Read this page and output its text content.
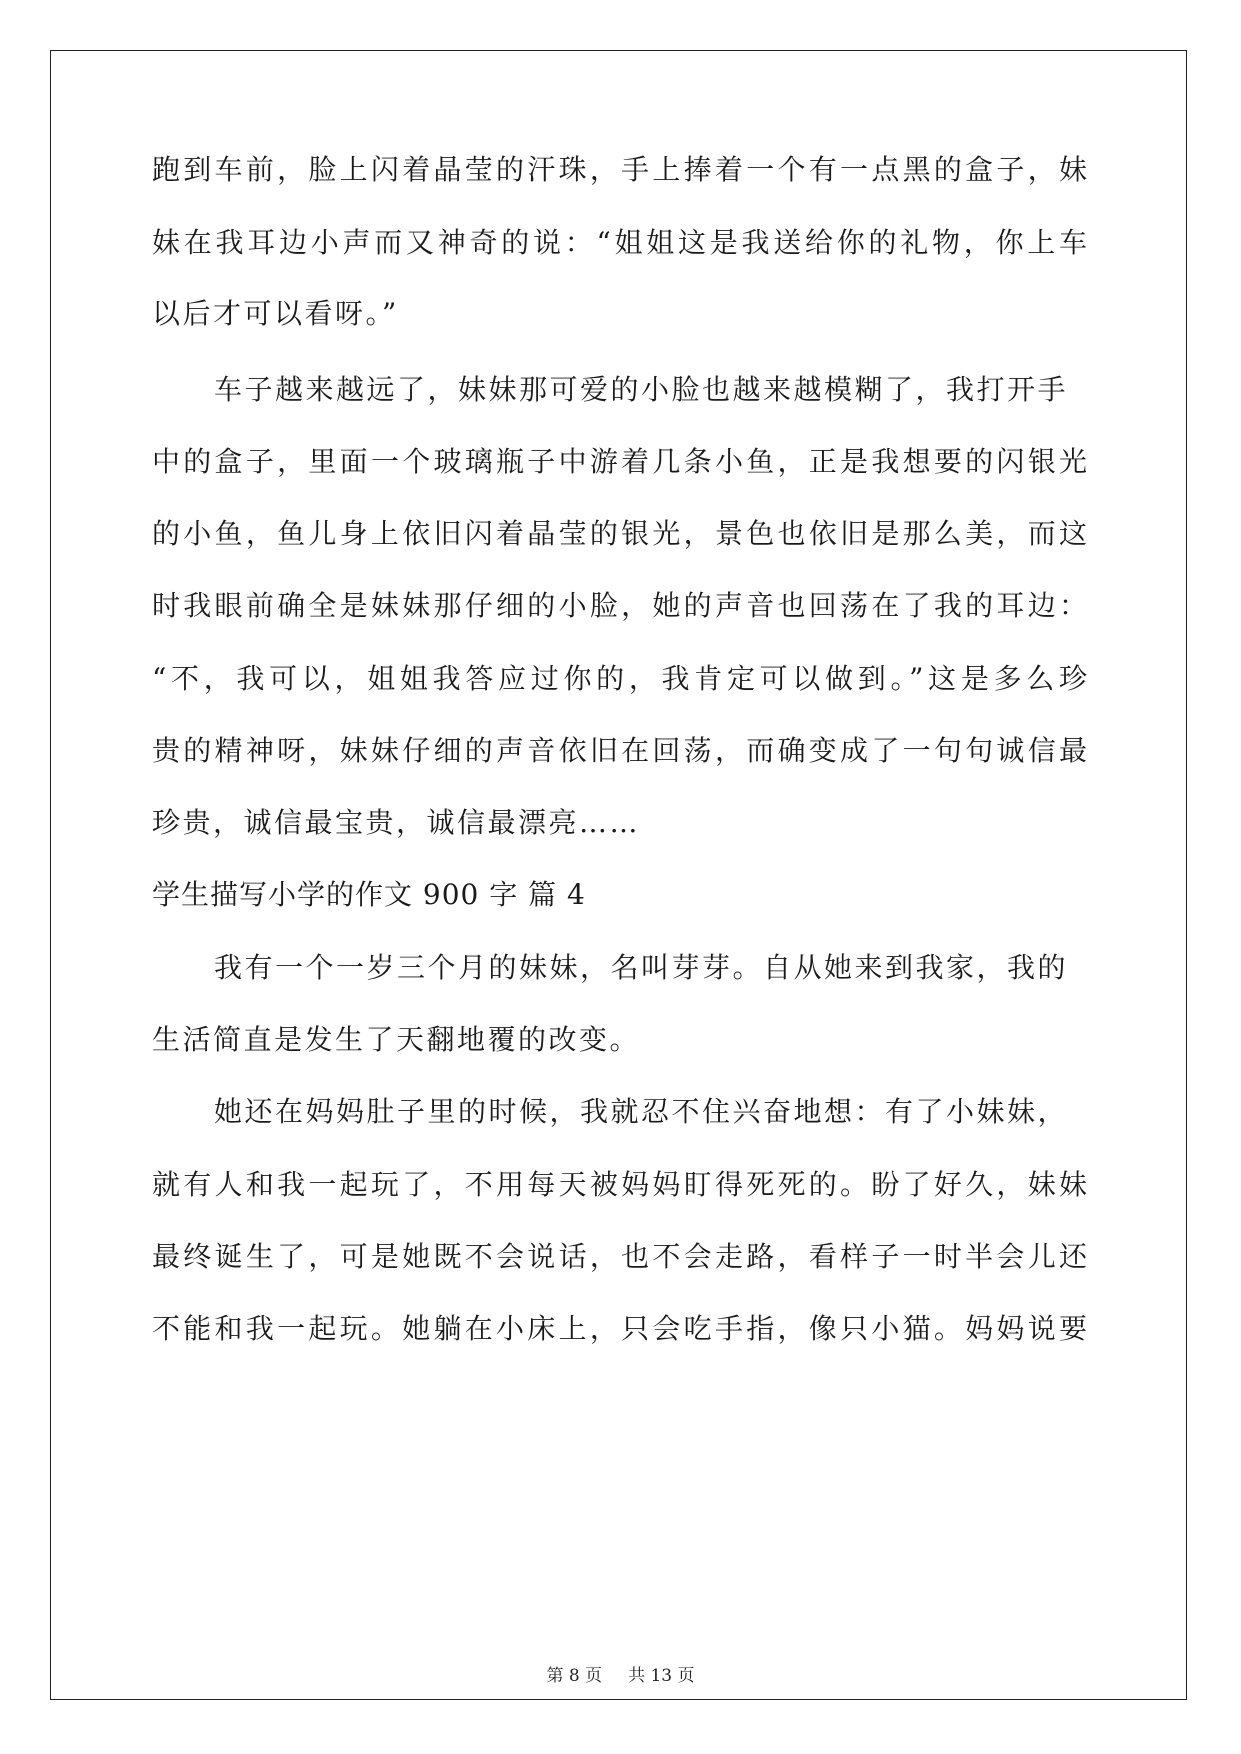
跑到车前，脸上闪着晶莹的汗珠，手上捧着一个有一点黑的盒子，妹
妹在我耳边小声而又神奇的说：“姐姐这是我送给你的礼物，你上车
以后才可以看呀。”
车子越来越远了，妹妹那可爱的小脸也越来越模糊了，我打开手
中的盒子，里面一个玻璃瓶子中游着几条小鱼，正是我想要的闪银光
的小鱼，鱼儿身上依旧闪着晶莹的银光，景色也依旧是那么美，而这
时我眼前确全是妹妹那仔细的小脸，她的声音也回荡在了我的耳边：
“不，我可以，姐姐我答应过你的，我肯定可以做到。”这是多么珍
贵的精神呀，妹妹仔细的声音依旧在回荡，而确变成了一句句诚信最
珍贵，诚信最宝贵，诚信最漂亮……
学生描写小学的作文 900 字 篇 4
我有一个一岁三个月的妹妹，名叫芽芽。自从她来到我家，我的
生活简直是发生了天翻地覆的改变。
她还在妈妈肚子里的时候，我就忍不住兴奋地想：有了小妹妹，
就有人和我一起玩了，不用每天被妈妈盯得死死的。盼了好久，妹妹
最终诞生了，可是她既不会说话，也不会走路，看样子一时半会儿还
不能和我一起玩。她躺在小床上，只会吃手指，像只小猫。妈妈说要
第 8 页 共 13 页
